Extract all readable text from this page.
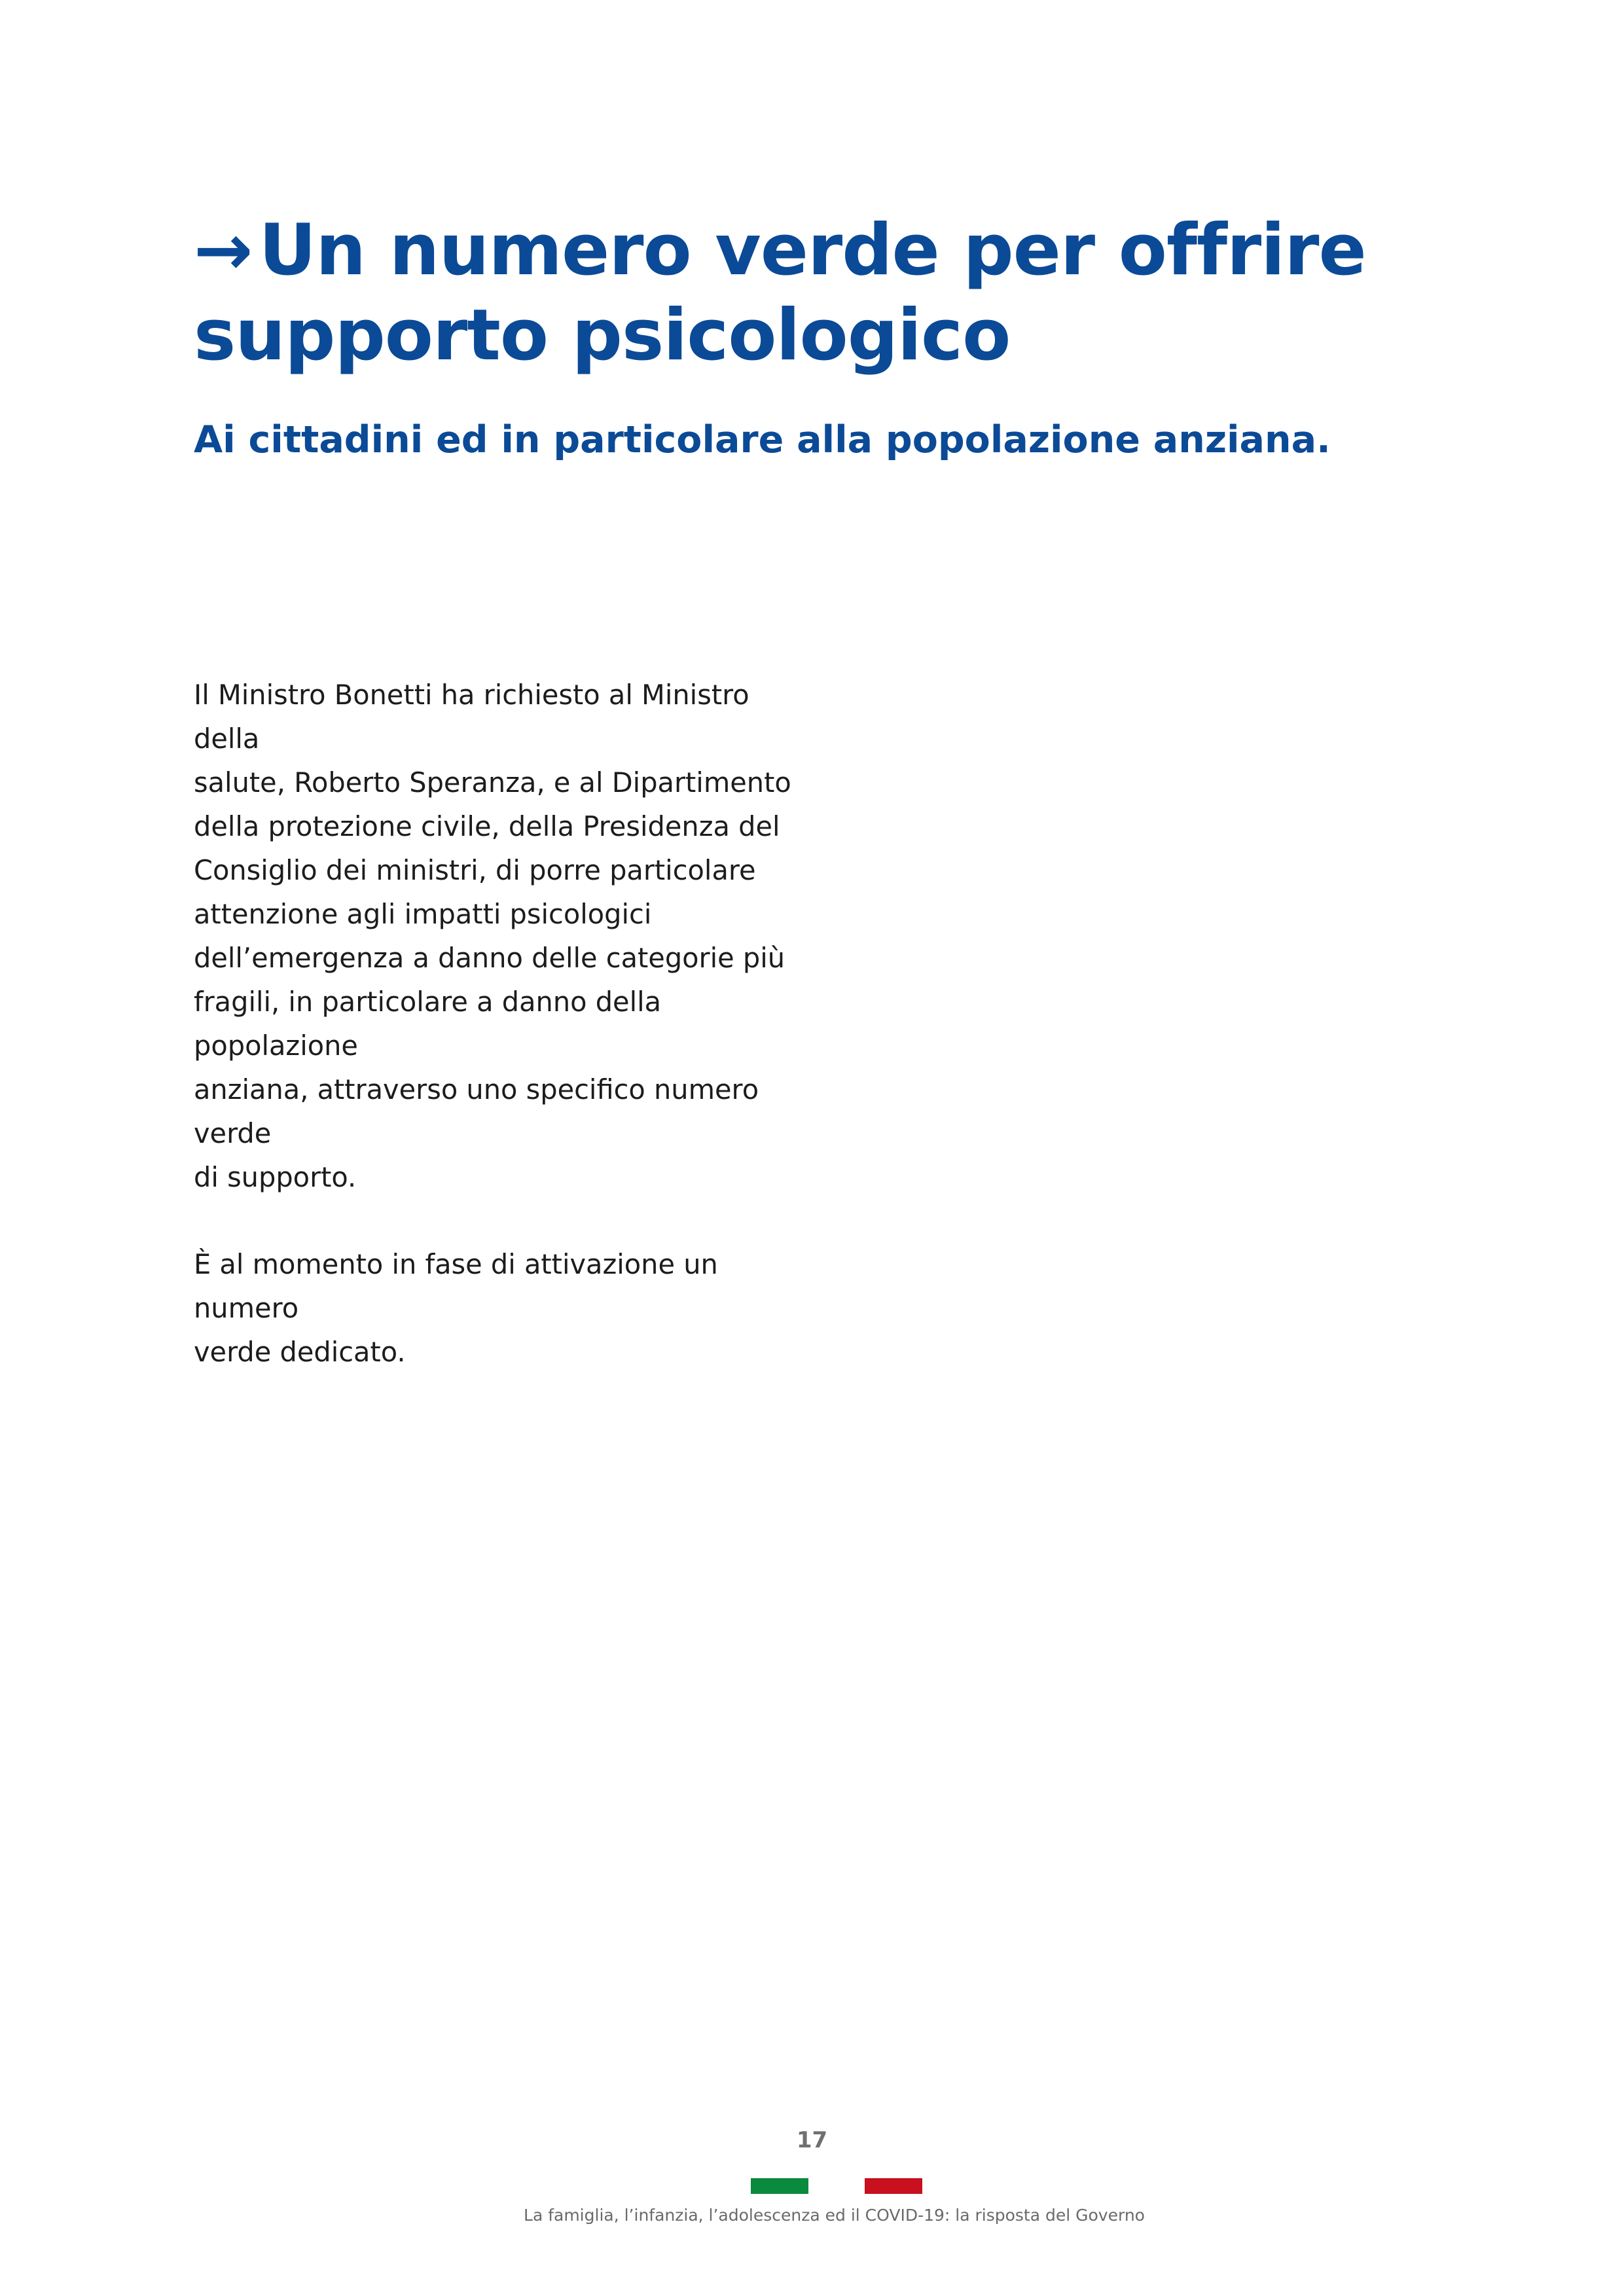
→Un numero verde per offrire
supporto psicologico
Ai cittadini ed in particolare alla popolazione anziana.

Il Ministro Bonetti ha richiesto al Ministro della
salute, Roberto Speranza, e al Dipartimento
della protezione civile, della Presidenza del
Consiglio dei ministri, di porre particolare
attenzione agli impatti psicologici
dell’emergenza a danno delle categorie più
fragili, in particolare a danno della popolazione
anziana, attraverso uno specifico numero verde
di supporto.

È al momento in fase di attivazione un numero
verde dedicato.

17
La famiglia, l’infanzia, l’adolescenza ed il COVID-19: la risposta del Governo
